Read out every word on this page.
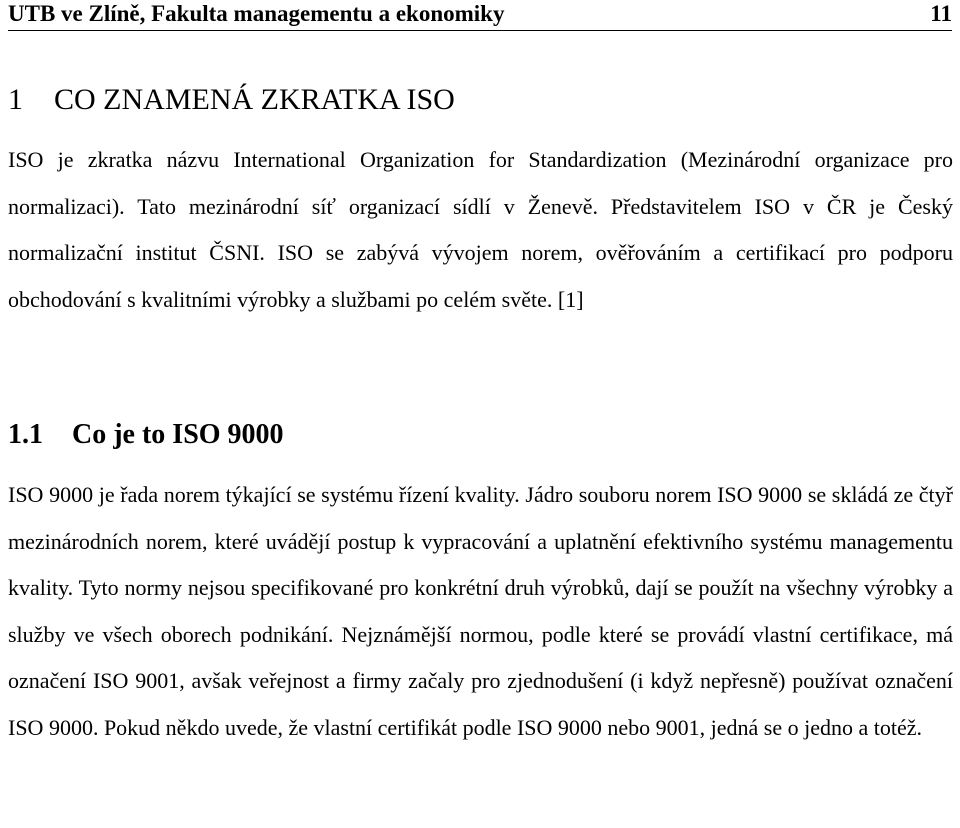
UTB ve Zlíně, Fakulta managementu a ekonomiky	11
1 CO ZNAMENÁ ZKRATKA ISO

ISO je zkratka názvu International Organization for Standardization (Mezinárodní organizace pro normalizaci). Tato mezinárodní síť organizací sídlí v Ženevě. Představitelem ISO v ČR je Český normalizační institut ČSNI. ISO se zabývá vývojem norem, ověřováním a certifikací pro podporu obchodování s kvalitními výrobky a službami po celém světe. [1]

1.1 Co je to ISO 9000

ISO 9000 je řada norem týkající se systému řízení kvality. Jádro souboru norem ISO 9000 se skládá ze čtyř mezinárodních norem, které uvádějí postup k vypracování a uplatnění efektivního systému managementu kvality. Tyto normy nejsou specifikované pro konkrétní druh výrobků, dají se použít na všechny výrobky a služby ve všech oborech podnikání. Nejznámější normou, podle které se provádí vlastní certifikace, má označení ISO 9001, avšak veřejnost a firmy začaly pro zjednodušení (i když nepřesně) používat označení ISO 9000. Pokud někdo uvede, že vlastní certifikát podle ISO 9000 nebo 9001, jedná se o jedno a totéž.
